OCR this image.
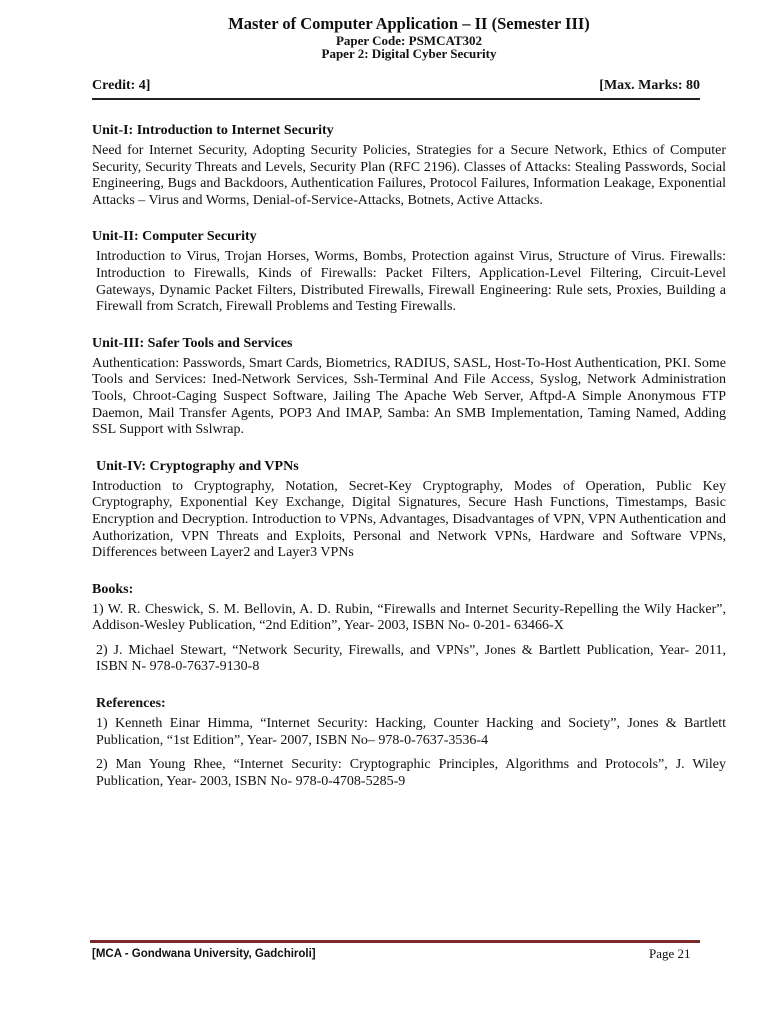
Master of Computer Application – II (Semester III)

Paper Code: PSMCAT302

Paper 2: Digital Cyber Security

Credit: 4]	[Max. Marks: 80

Unit-I: Introduction to Internet Security

Need for Internet Security, Adopting Security Policies, Strategies for a Secure Network, Ethics of Computer Security, Security Threats and Levels, Security Plan (RFC 2196). Classes of Attacks: Stealing Passwords, Social Engineering, Bugs and Backdoors, Authentication Failures, Protocol Failures, Information Leakage, Exponential Attacks – Virus and Worms, Denial-of-Service-Attacks, Botnets, Active Attacks.

Unit-II: Computer Security

Introduction to Virus, Trojan Horses, Worms, Bombs, Protection against Virus, Structure of Virus. Firewalls: Introduction to Firewalls, Kinds of Firewalls: Packet Filters, Application-Level Filtering, Circuit-Level Gateways, Dynamic Packet Filters, Distributed Firewalls, Firewall Engineering: Rule sets, Proxies, Building a Firewall from Scratch, Firewall Problems and Testing Firewalls.

Unit-III: Safer Tools and Services

Authentication: Passwords, Smart Cards, Biometrics, RADIUS, SASL, Host-To-Host Authentication, PKI. Some Tools and Services: Ined-Network Services, Ssh-Terminal And File Access, Syslog, Network Administration Tools, Chroot-Caging Suspect Software, Jailing The Apache Web Server, Aftpd-A Simple Anonymous FTP Daemon, Mail Transfer Agents, POP3 And IMAP, Samba: An SMB Implementation, Taming Named, Adding SSL Support with Sslwrap.

Unit-IV: Cryptography and VPNs

Introduction to Cryptography, Notation, Secret-Key Cryptography, Modes of Operation, Public Key Cryptography, Exponential Key Exchange, Digital Signatures, Secure Hash Functions, Timestamps, Basic Encryption and Decryption. Introduction to VPNs, Advantages, Disadvantages of VPN, VPN Authentication and Authorization, VPN Threats and Exploits, Personal and Network VPNs, Hardware and Software VPNs, Differences between Layer2 and Layer3 VPNs

Books:

1) W. R. Cheswick, S. M. Bellovin, A. D. Rubin, “Firewalls and Internet Security-Repelling the Wily Hacker”, Addison-Wesley Publication, “2nd Edition”, Year- 2003, ISBN No- 0-201- 63466-X

2) J. Michael Stewart, “Network Security, Firewalls, and VPNs”, Jones & Bartlett Publication, Year- 2011, ISBN N- 978-0-7637-9130-8

References:

1) Kenneth Einar Himma, “Internet Security: Hacking, Counter Hacking and Society”, Jones & Bartlett Publication, “1st Edition”, Year- 2007, ISBN No– 978-0-7637-3536-4

2) Man Young Rhee, “Internet Security: Cryptographic Principles, Algorithms and Protocols”, J. Wiley Publication, Year- 2003, ISBN No- 978-0-4708-5285-9

[MCA - Gondwana University, Gadchiroli]	Page 21
